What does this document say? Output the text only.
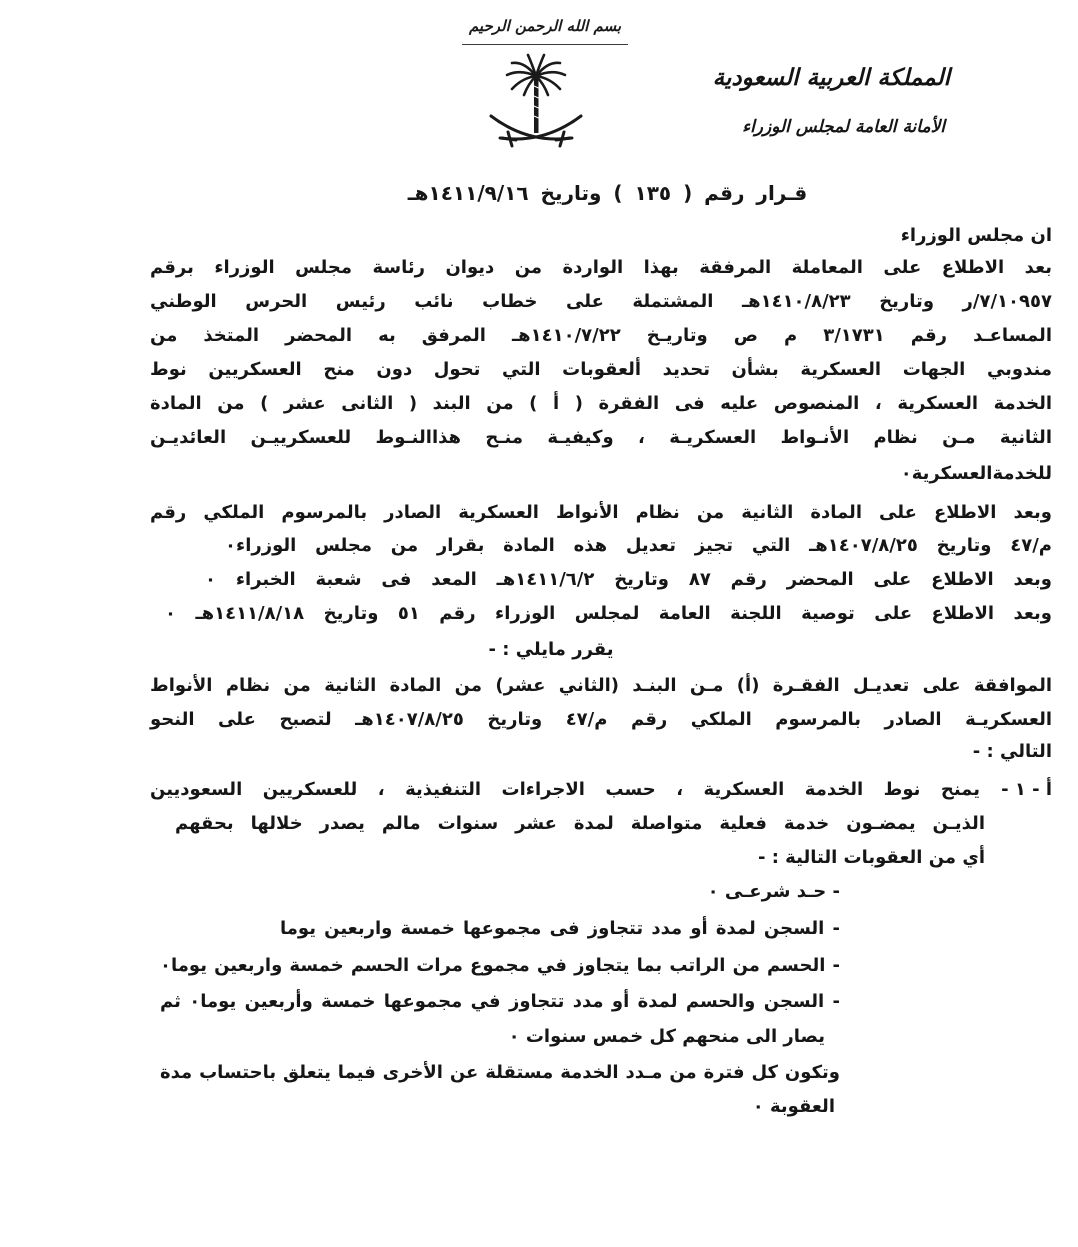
بسم الله الرحمن الرحيم
المملكة العربية السعودية
الأمانة العامة لمجلس الوزراء
قـرار رقم ( ١٣٥ ) وتاريخ ١٤١١/٩/١٦هـ
ان مجلس الوزراء
بعد الاطلاع على المعاملة المرفقة بهذا الواردة من ديوان رئاسة مجلس الوزراء برقم
٧/١٠٩٥٧/ر وتاريخ ١٤١٠/٨/٢٣هـ المشتملة على خطاب نائب رئيس الحرس الوطني
المساعـد رقم ٣/١٧٣١ م ص وتاريـخ ١٤١٠/٧/٢٢هـ المرفق به المحضر المتخذ من
مندوبي الجهات العسكرية بشأن تحديد ألعقوبات التي تحول دون منح العسكريين نوط
الخدمة العسكرية ، المنصوص عليه فى الفقرة ( أ ) من البند ( الثانى عشر ) من المادة
الثانية مـن نظام الأنـواط العسكريـة ، وكيفيـة منـح هذاالنـوط للعسكرييـن العائديـن
للخدمةالعسكرية٠
وبعد الاطلاع على المادة الثانية من نظام الأنواط العسكرية الصادر بالمرسوم الملكي رقم
م/٤٧ وتاريخ ١٤٠٧/٨/٢٥هـ التي تجيز تعديل هذه المادة بقرار من مجلس الوزراء٠
وبعد الاطلاع على المحضر رقم ٨٧ وتاريخ ١٤١١/٦/٢هـ المعد فى شعبة الخبراء ٠
وبعد الاطلاع على توصية اللجنة العامة لمجلس الوزراء رقم ٥١ وتاريخ ١٤١١/٨/١٨هـ ٠
يقرر مايلي : -
الموافقة على تعديـل الفقـرة (أ) مـن البنـد (الثاني عشر) من المادة الثانية من نظام الأنواط
العسكريـة الصادر بالمرسوم الملكي رقم م/٤٧ وتاريخ ١٤٠٧/٨/٢٥هـ لتصبح على النحو
التالي : -
أ - ١ -
يمنح نوط الخدمة العسكرية ، حسب الاجراءات التنفيذية ، للعسكريين السعوديين
الذيـن يمضـون خدمة فعلية متواصلة لمدة عشر سنوات مالم يصدر خلالها بحقهم
أي من العقوبات التالية : -
- حـد شرعـى ٠
- السجن لمدة أو مدد تتجاوز فى مجموعها خمسة واربعين يوما
- الحسم من الراتب بما يتجاوز في مجموع مرات الحسم خمسة واربعين يوما٠
- السجن والحسم لمدة أو مدد تتجاوز في مجموعها خمسة وأربعين يوما٠ ثم
يصار الى منحهم كل خمس سنوات ٠
وتكون كل فترة من مـدد الخدمة مستقلة عن الأخرى فيما يتعلق باحتساب مدة
العقوبة ٠
